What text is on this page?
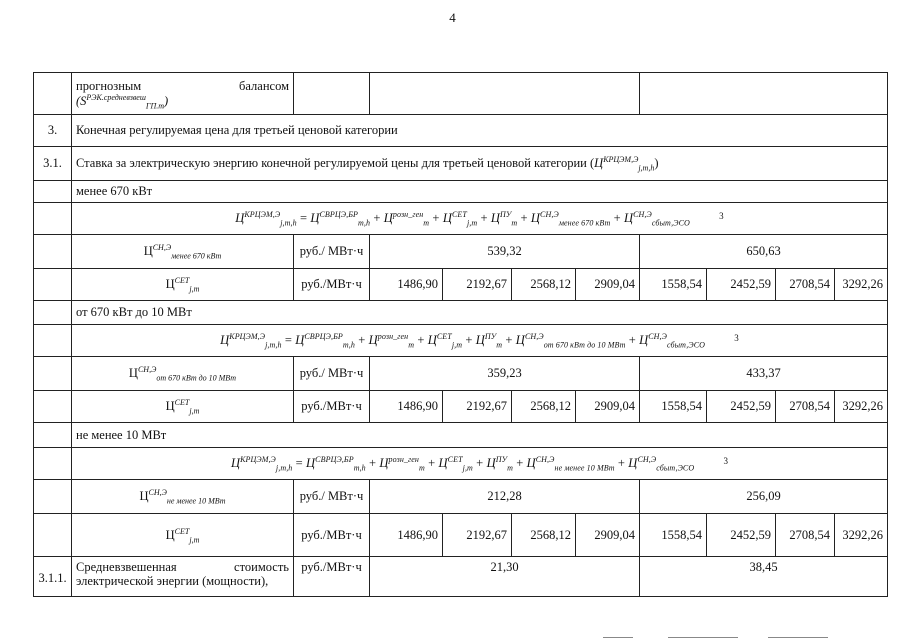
4

	прогнозным балансом
$(S^{РЭК.средневзвеш}_{ГП.m})$									

3.	Конечная регулируемая цена для третьей ценовой категории									
3.1.	Ставка за электрическую энергию конечной регулируемой цены для третьей ценовой категории $(Ц^{КРЦЭМ,Э}_{j,m,h})$									
	менее 670 кВт									
	$Ц^{КРЦЭМ,Э}_{j,m,h} = Ц^{СВРЦЭ,БР}_{m,h} + Ц^{розн\_ген}_m + Ц^{СЕТ}_{j,m} + Ц^{ПУ}_m + Ц^{СН,Э}_{менее 670 кВт} + Ц^{СН,Э}_{сбыт,ЭСО}$ $^3$
	$Ц^{СН,Э}_{менее 670 кВт}$	руб./ МВт·ч	539,32				650,63			
	$Ц^{СЕТ}_{j,m}$	руб./МВт·ч	1486,90	2192,67	2568,12	2909,04	1558,54	2452,59	2708,54	3292,26
	от 670 кВт до 10 МВт									
	$Ц^{КРЦЭМ,Э}_{j,m,h} = Ц^{СВРЦЭ,БР}_{m,h} + Ц^{розн\_ген}_m + Ц^{СЕТ}_{j,m} + Ц^{ПУ}_m + Ц^{СН,Э}_{от 670 кВт до 10 МВт} + Ц^{СН,Э}_{сбыт,ЭСО}$ $^3$
	$Ц^{СН,Э}_{от 670 кВт до 10 МВт}$	руб./ МВт·ч	359,23				433,37			
	$Ц^{СЕТ}_{j,m}$	руб./МВт·ч	1486,90	2192,67	2568,12	2909,04	1558,54	2452,59	2708,54	3292,26
	не менее 10 МВт									
	$Ц^{КРЦЭМ,Э}_{j,m,h} = Ц^{СВРЦЭ,БР}_{m,h} + Ц^{розн\_ген}_m + Ц^{СЕТ}_{j,m} + Ц^{ПУ}_m + Ц^{СН,Э}_{не менее 10 МВт} + Ц^{СН,Э}_{сбыт,ЭСО}$ $^3$
	$Ц^{СН,Э}_{не менее 10 МВт}$	руб./ МВт·ч	212,28				256,09			
	$Ц^{СЕТ}_{j,m}$	руб./МВт·ч	1486,90	2192,67	2568,12	2909,04	1558,54	2452,59	2708,54	3292,26
3.1.1.	Средневзвешенная стоимость
электрической энергии (мощности),	руб./МВт·ч	21,30				38,45			
